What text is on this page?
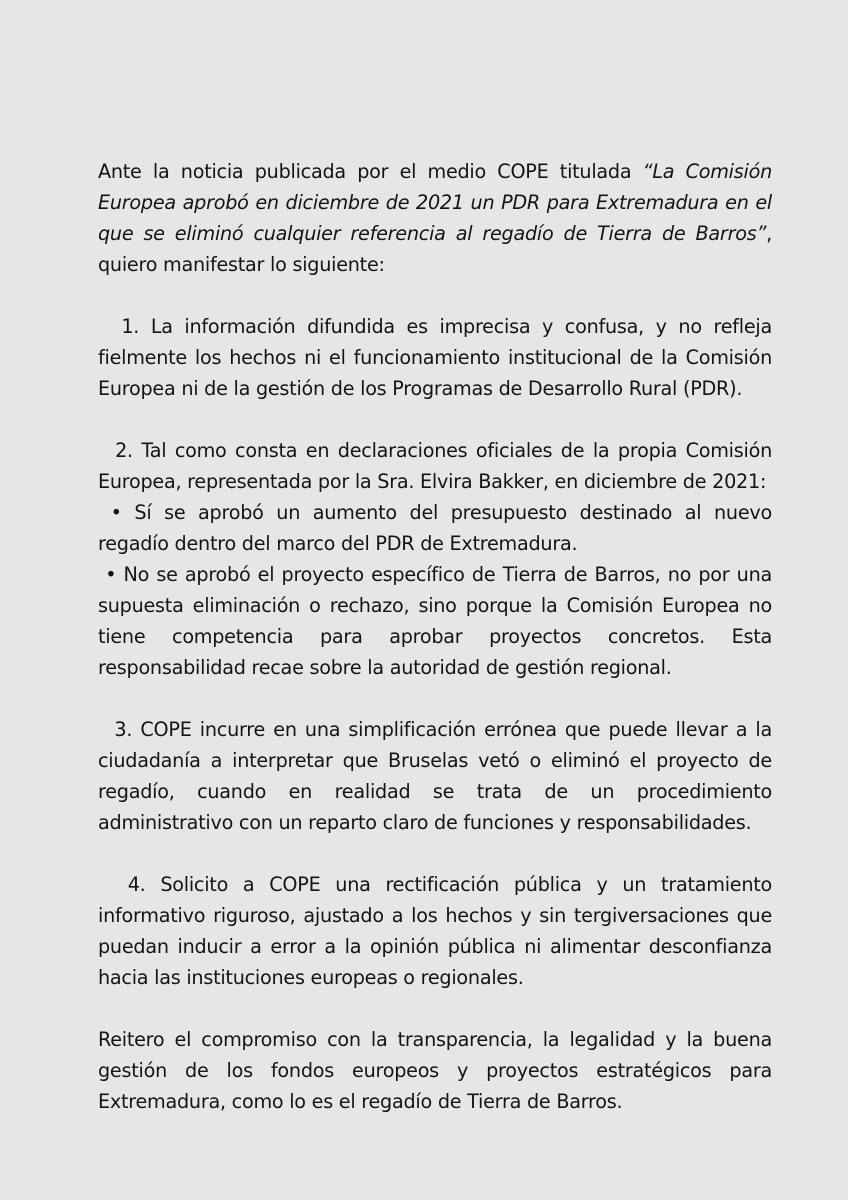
Ante la noticia publicada por el medio COPE titulada “La Comisión Europea aprobó en diciembre de 2021 un PDR para Extremadura en el que se eliminó cualquier referencia al regadío de Tierra de Barros”, quiero manifestar lo siguiente:

1. La información difundida es imprecisa y confusa, y no refleja fielmente los hechos ni el funcionamiento institucional de la Comisión Europea ni de la gestión de los Programas de Desarrollo Rural (PDR).

2. Tal como consta en declaraciones oficiales de la propia Comisión Europea, representada por la Sra. Elvira Bakker, en diciembre de 2021:

• Sí se aprobó un aumento del presupuesto destinado al nuevo regadío dentro del marco del PDR de Extremadura.

• No se aprobó el proyecto específico de Tierra de Barros, no por una supuesta eliminación o rechazo, sino porque la Comisión Europea no tiene competencia para aprobar proyectos concretos. Esta responsabilidad recae sobre la autoridad de gestión regional.

3. COPE incurre en una simplificación errónea que puede llevar a la ciudadanía a interpretar que Bruselas vetó o eliminó el proyecto de regadío, cuando en realidad se trata de un procedimiento administrativo con un reparto claro de funciones y responsabilidades.

4. Solicito a COPE una rectificación pública y un tratamiento informativo riguroso, ajustado a los hechos y sin tergiversaciones que puedan inducir a error a la opinión pública ni alimentar desconfianza hacia las instituciones europeas o regionales.

Reitero el compromiso con la transparencia, la legalidad y la buena gestión de los fondos europeos y proyectos estratégicos para Extremadura, como lo es el regadío de Tierra de Barros.
